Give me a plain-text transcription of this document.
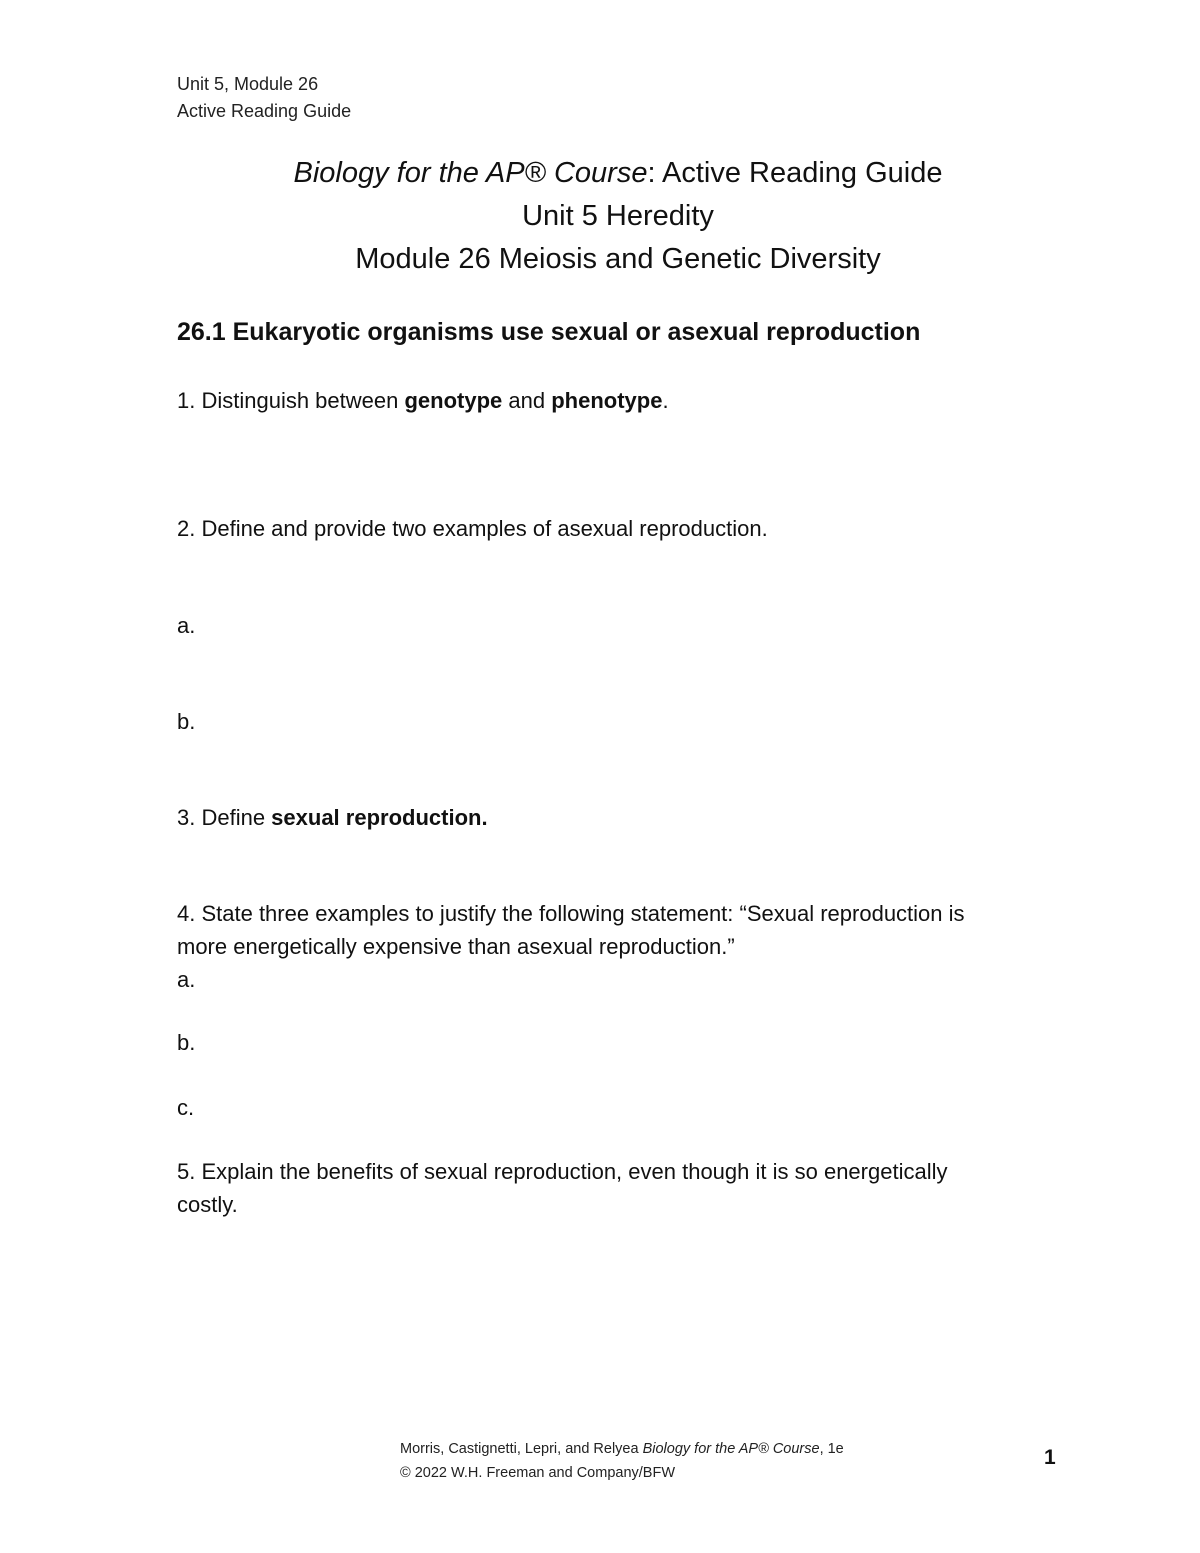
Unit 5, Module 26
Active Reading Guide
Biology for the AP® Course: Active Reading Guide
Unit 5 Heredity
Module 26 Meiosis and Genetic Diversity
26.1 Eukaryotic organisms use sexual or asexual reproduction
1. Distinguish between genotype and phenotype.
2. Define and provide two examples of asexual reproduction.
a.
b.
3. Define sexual reproduction.
4. State three examples to justify the following statement: “Sexual reproduction is
more energetically expensive than asexual reproduction.”
a.
b.
c.
5. Explain the benefits of sexual reproduction, even though it is so energetically
costly.
Morris, Castignetti, Lepri, and Relyea Biology for the AP® Course, 1e
© 2022 W.H. Freeman and Company/BFW
1
